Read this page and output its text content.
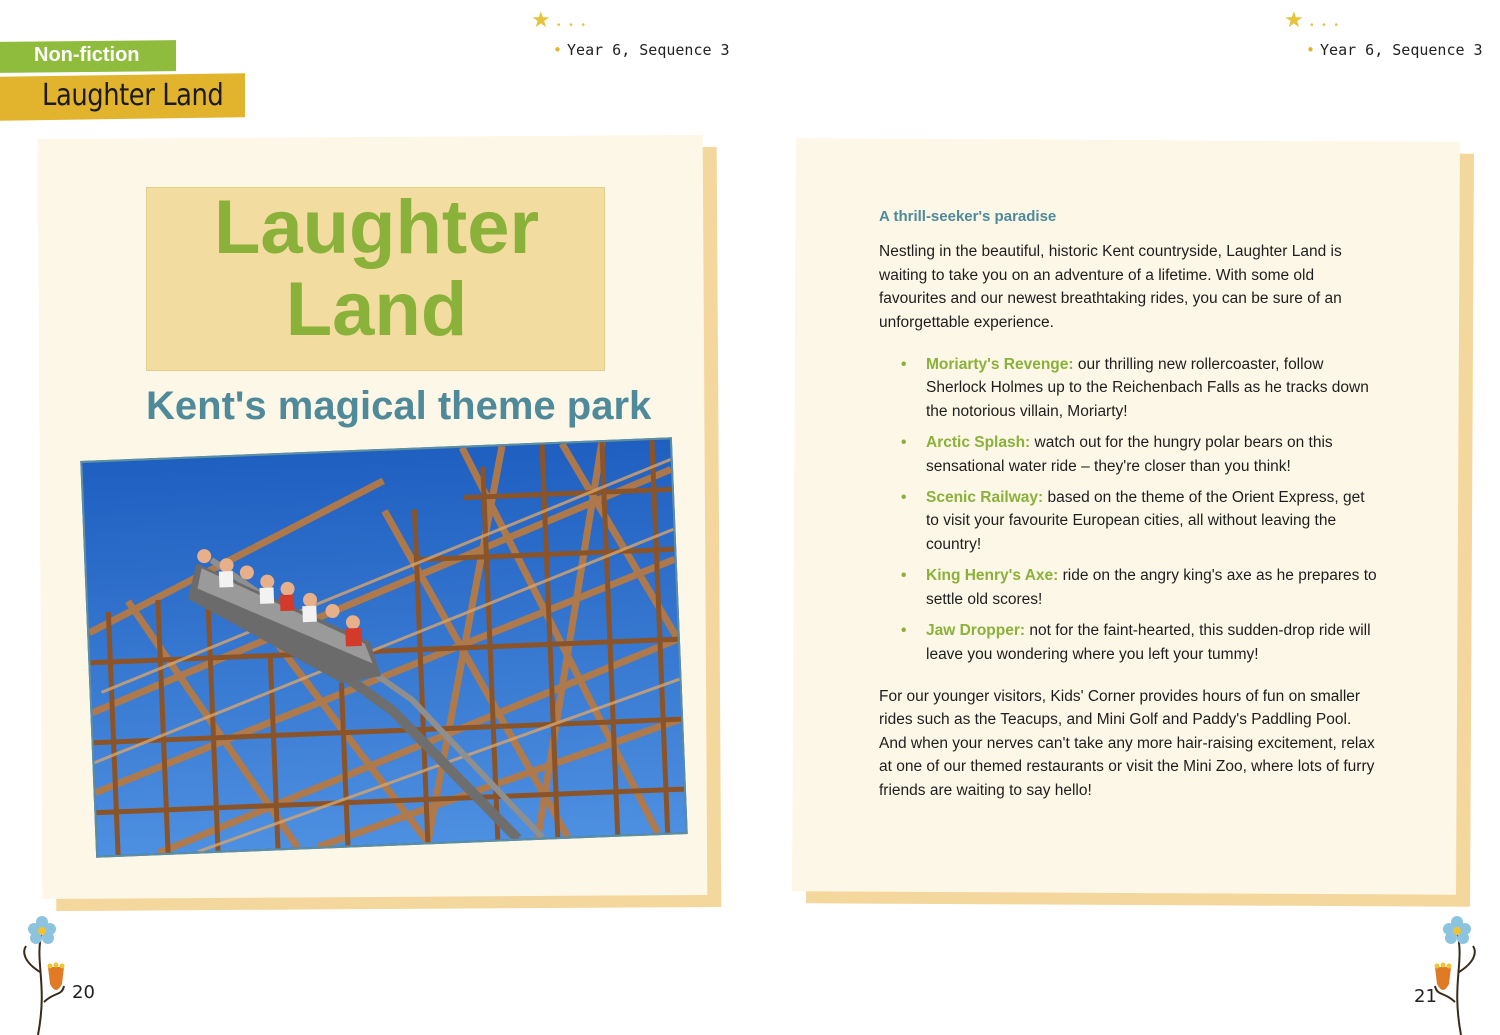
Non-fiction
Laughter Land
★ • • •
• Year 6, Sequence 3
★ • • •
• Year 6, Sequence 3
Laughter
Land
Kent's magical theme park
A thrill-seeker's paradise

Nestling in the beautiful, historic Kent countryside, Laughter Land is waiting to take you on an adventure of a lifetime. With some old favourites and our newest breathtaking rides, you can be sure of an unforgettable experience.

• Moriarty's Revenge: our thrilling new rollercoaster, follow Sherlock Holmes up to the Reichenbach Falls as he tracks down the notorious villain, Moriarty!
• Arctic Splash: watch out for the hungry polar bears on this sensational water ride – they're closer than you think!
• Scenic Railway: based on the theme of the Orient Express, get to visit your favourite European cities, all without leaving the country!
• King Henry's Axe: ride on the angry king's axe as he prepares to settle old scores!
• Jaw Dropper: not for the faint-hearted, this sudden-drop ride will leave you wondering where you left your tummy!

For our younger visitors, Kids' Corner provides hours of fun on smaller rides such as the Teacups, and Mini Golf and Paddy's Paddling Pool. And when your nerves can't take any more hair-raising excitement, relax at one of our themed restaurants or visit the Mini Zoo, where lots of furry friends are waiting to say hello!

20	21
